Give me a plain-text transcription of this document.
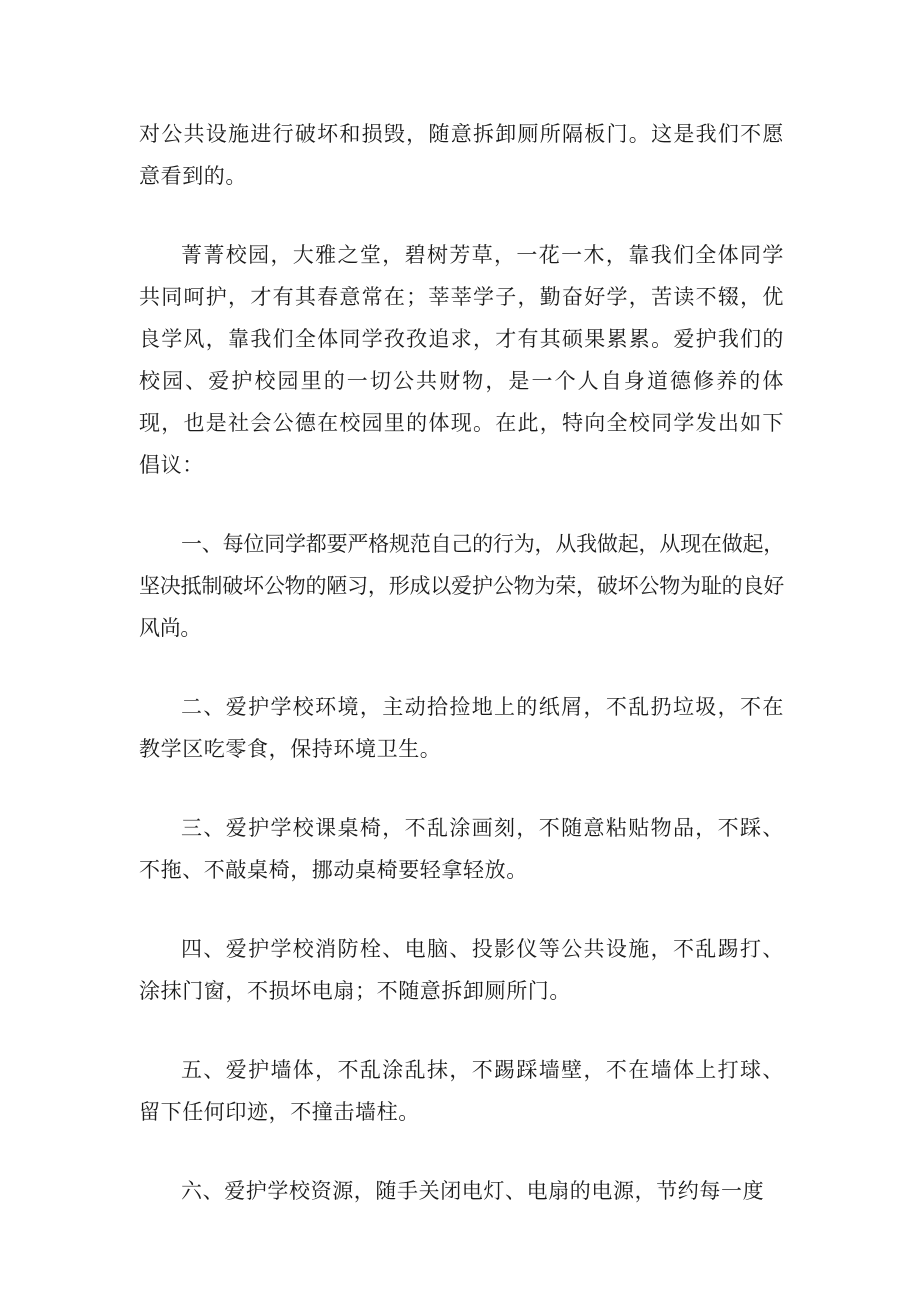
对公共设施进行破坏和损毁，随意拆卸厕所隔板门。这是我们不愿意看到的。

菁菁校园，大雅之堂，碧树芳草，一花一木，靠我们全体同学共同呵护，才有其春意常在；莘莘学子，勤奋好学，苦读不辍，优良学风，靠我们全体同学孜孜追求，才有其硕果累累。爱护我们的校园、爱护校园里的一切公共财物，是一个人自身道德修养的体现，也是社会公德在校园里的体现。在此，特向全校同学发出如下倡议：

一、每位同学都要严格规范自己的行为，从我做起，从现在做起，坚决抵制破坏公物的陋习，形成以爱护公物为荣，破坏公物为耻的良好风尚。

二、爱护学校环境，主动拾捡地上的纸屑，不乱扔垃圾，不在教学区吃零食，保持环境卫生。

三、爱护学校课桌椅，不乱涂画刻，不随意粘贴物品，不踩、不拖、不敲桌椅，挪动桌椅要轻拿轻放。

四、爱护学校消防栓、电脑、投影仪等公共设施，不乱踢打、涂抹门窗，不损坏电扇；不随意拆卸厕所门。

五、爱护墙体，不乱涂乱抹，不踢踩墙壁，不在墙体上打球、留下任何印迹，不撞击墙柱。

六、爱护学校资源，随手关闭电灯、电扇的电源，节约每一度
